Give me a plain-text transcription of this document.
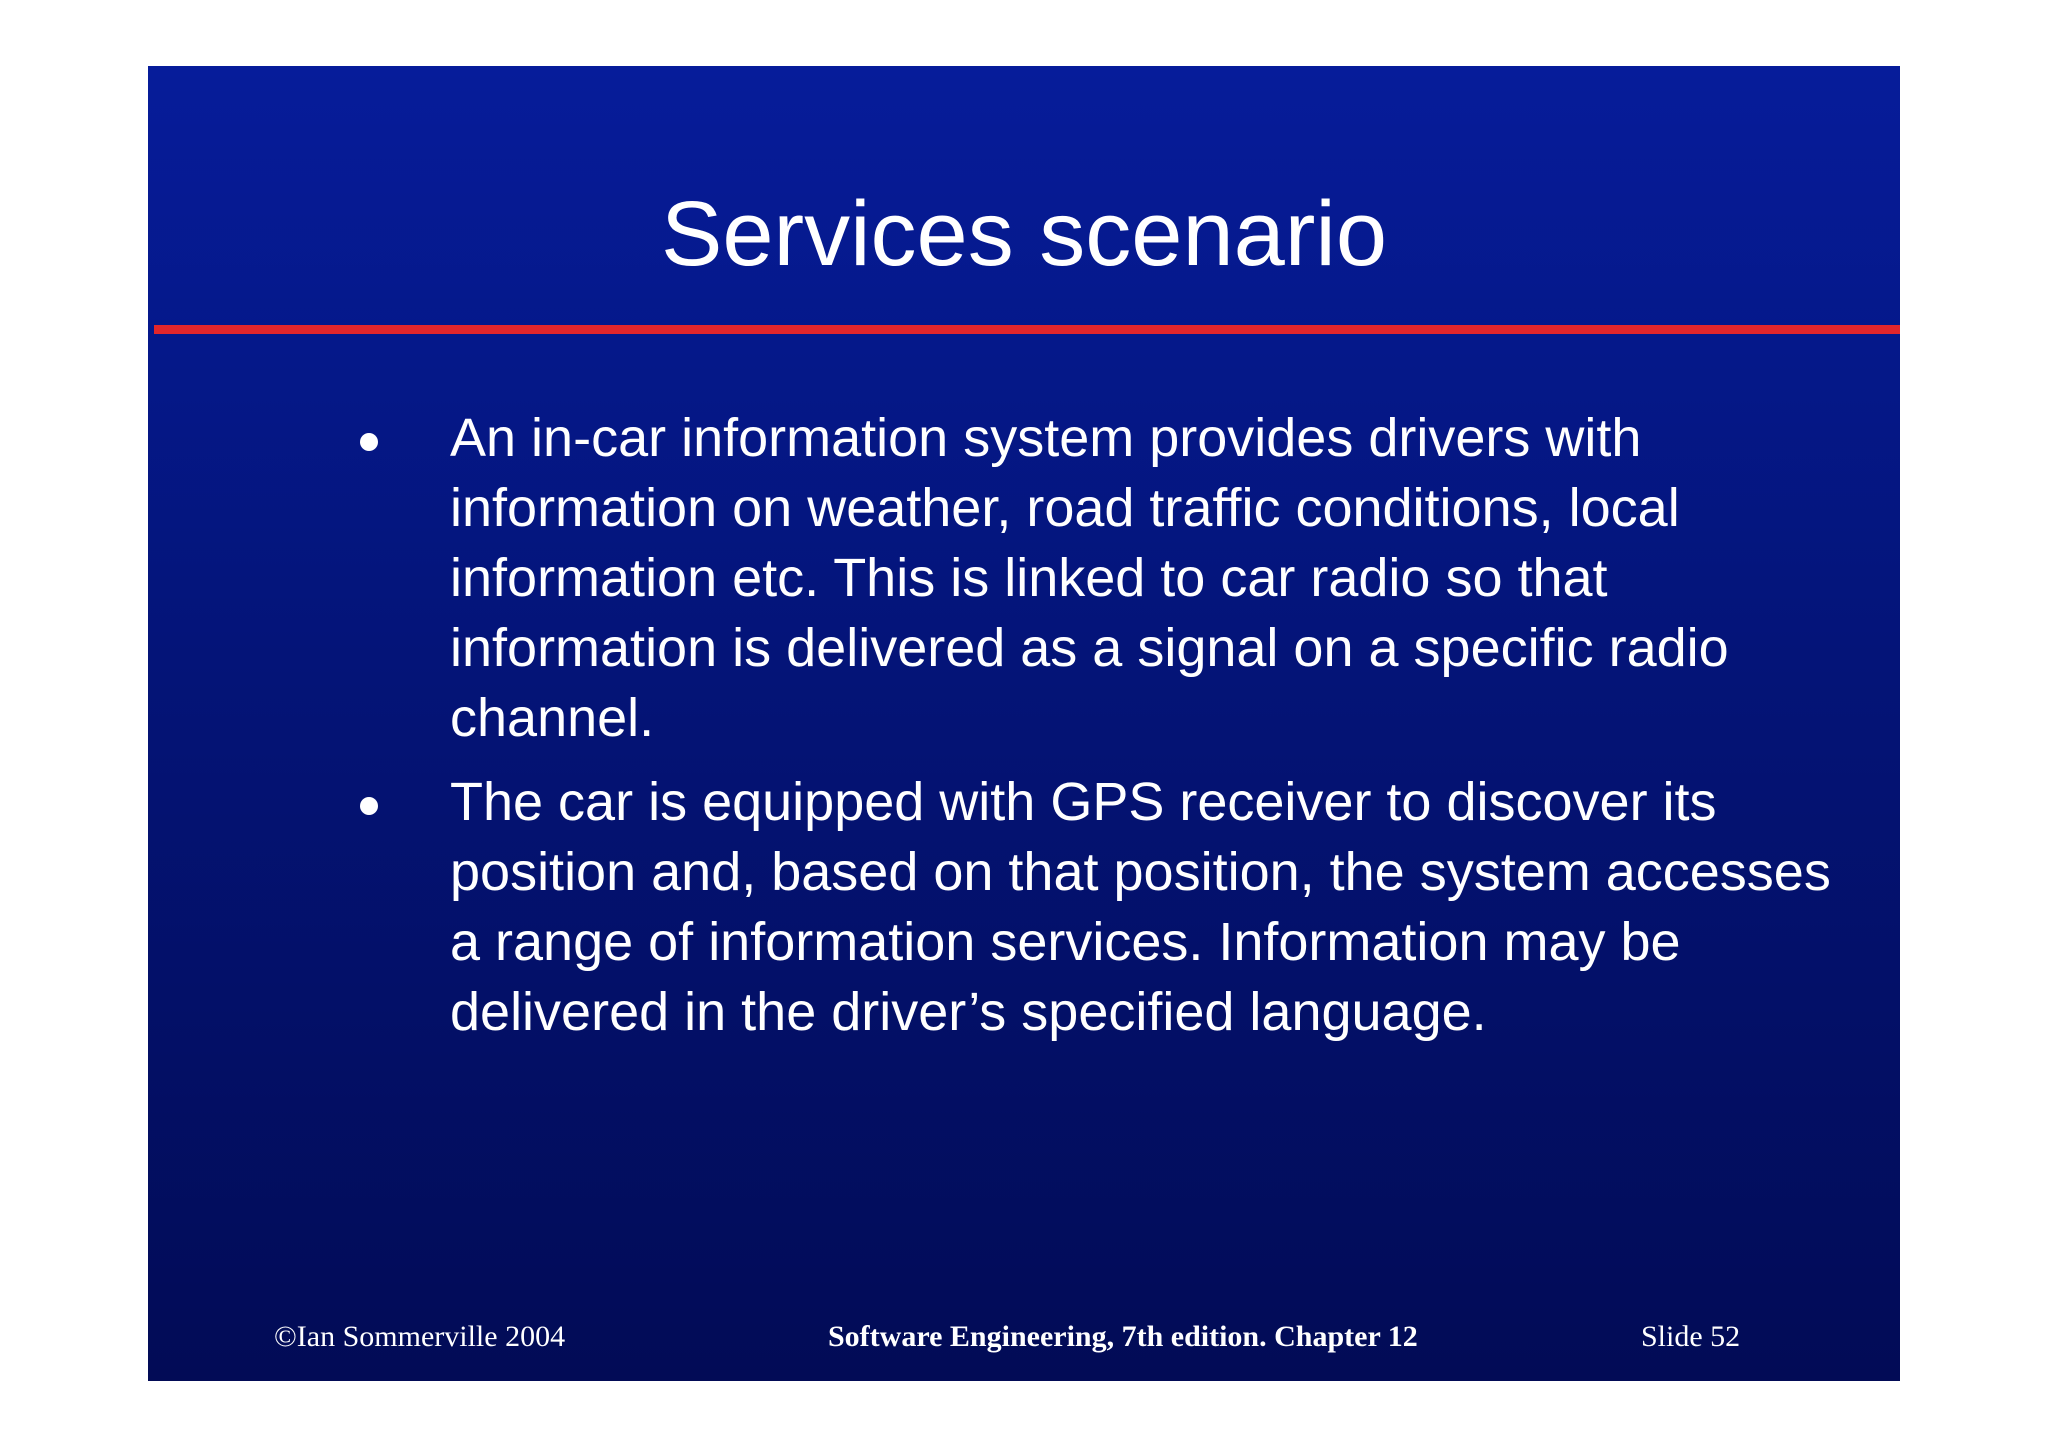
Services scenario
An in-car information system provides drivers with information on weather, road traffic conditions, local information etc. This is linked to car radio so that information is delivered as a signal on a specific radio channel.
The car is equipped with GPS receiver to discover its position and, based on that position, the system accesses a range of information services. Information may be delivered in the driver’s specified language.
©Ian Sommerville 2004	Software Engineering, 7th edition. Chapter 12	Slide 52
